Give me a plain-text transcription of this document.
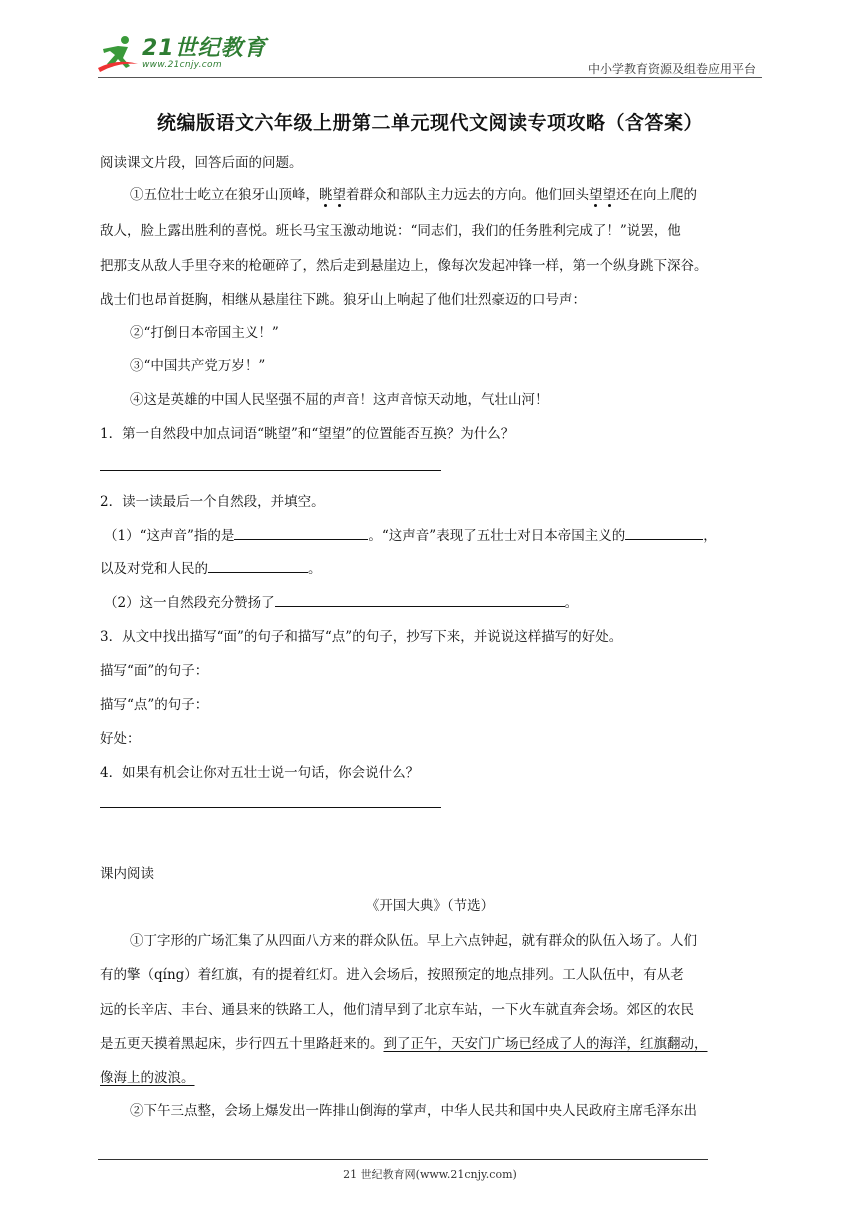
21世纪教育
www.21cnjy.com	中小学教育资源及组卷应用平台
统编版语文六年级上册第二单元现代文阅读专项攻略（含答案）
阅读课文片段，回答后面的问题。
①五位壮士屹立在狼牙山顶峰，眺望着群众和部队主力远去的方向。他们回头望望还在向上爬的
敌人，脸上露出胜利的喜悦。班长马宝玉激动地说：“同志们，我们的任务胜利完成了！”说罢，他
把那支从敌人手里夺来的枪砸碎了，然后走到悬崖边上，像每次发起冲锋一样，第一个纵身跳下深谷。
战士们也昂首挺胸，相继从悬崖往下跳。狼牙山上响起了他们壮烈豪迈的口号声：
②“打倒日本帝国主义！”
③“中国共产党万岁！”
④这是英雄的中国人民坚强不屈的声音！这声音惊天动地，气壮山河！
1．第一自然段中加点词语“眺望”和“望望”的位置能否互换？为什么？
2．读一读最后一个自然段，并填空。
（1）“这声音”指的是	。“这声音”表现了五壮士对日本帝国主义的	，
以及对党和人民的	。
（2）这一自然段充分赞扬了	。
3．从文中找出描写“面”的句子和描写“点”的句子，抄写下来，并说说这样描写的好处。
描写“面”的句子：
描写“点”的句子：
好处：
4．如果有机会让你对五壮士说一句话，你会说什么？
课内阅读
《开国大典》（节选）
①丁字形的广场汇集了从四面八方来的群众队伍。早上六点钟起，就有群众的队伍入场了。人们
有的擎（qíng）着红旗，有的提着红灯。进入会场后，按照预定的地点排列。工人队伍中，有从老
远的长辛店、丰台、通县来的铁路工人，他们清早到了北京车站，一下火车就直奔会场。郊区的农民
是五更天摸着黑起床，步行四五十里路赶来的。到了正午，天安门广场已经成了人的海洋，红旗翻动，
像海上的波浪。
②下午三点整，会场上爆发出一阵排山倒海的掌声，中华人民共和国中央人民政府主席毛泽东出
21 世纪教育网(www.21cnjy.com)
